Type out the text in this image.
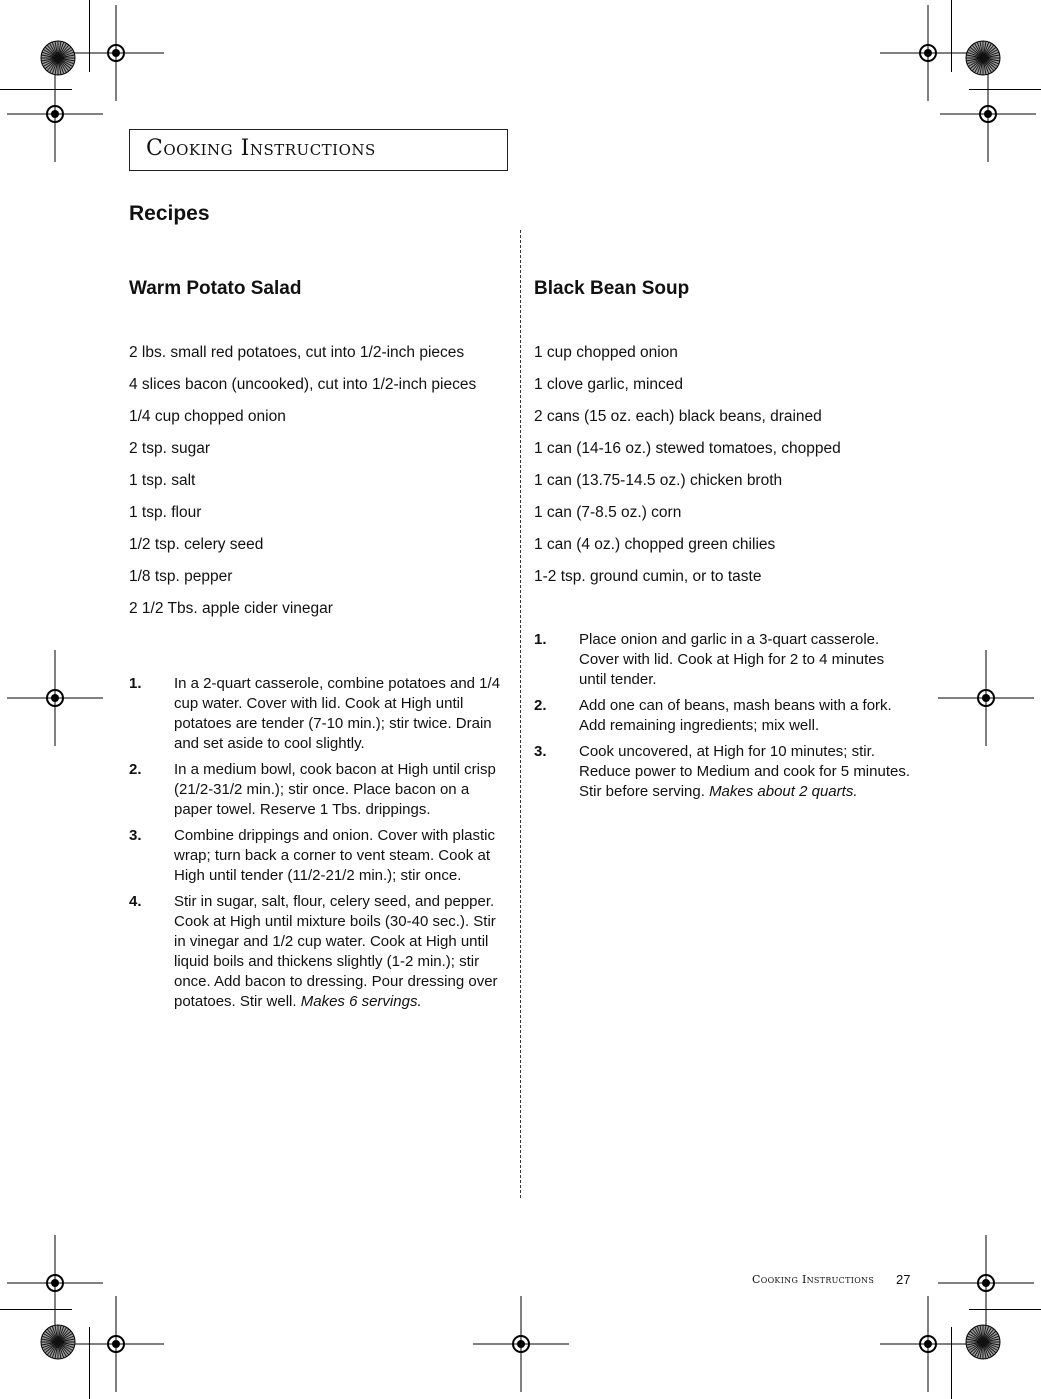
Cooking Instructions
Recipes
Warm Potato Salad
2 lbs. small red potatoes, cut into 1/2-inch pieces
4 slices bacon (uncooked), cut into 1/2-inch pieces
1/4 cup chopped onion
2 tsp. sugar
1 tsp. salt
1 tsp. flour
1/2 tsp. celery seed
1/8 tsp. pepper
2 1/2 Tbs. apple cider vinegar
1. In a 2-quart casserole, combine potatoes and 1/4 cup water. Cover with lid. Cook at High until potatoes are tender (7-10 min.); stir twice. Drain and set aside to cool slightly.
2. In a medium bowl, cook bacon at High until crisp (21/2-31/2 min.); stir once. Place bacon on a paper towel. Reserve 1 Tbs. drippings.
3. Combine drippings and onion. Cover with plastic wrap; turn back a corner to vent steam. Cook at High until tender (11/2-21/2 min.); stir once.
4. Stir in sugar, salt, flour, celery seed, and pepper. Cook at High until mixture boils (30-40 sec.). Stir in vinegar and 1/2 cup water. Cook at High until liquid boils and thickens slightly (1-2 min.); stir once. Add bacon to dressing. Pour dressing over potatoes. Stir well. Makes 6 servings.
Black Bean Soup
1 cup chopped onion
1 clove garlic, minced
2 cans (15 oz. each) black beans, drained
1 can (14-16 oz.) stewed tomatoes, chopped
1 can (13.75-14.5 oz.) chicken broth
1 can (7-8.5 oz.) corn
1 can (4 oz.) chopped green chilies
1-2 tsp. ground cumin, or to taste
1. Place onion and garlic in a 3-quart casserole. Cover with lid. Cook at High for 2 to 4 minutes until tender.
2. Add one can of beans, mash beans with a fork. Add remaining ingredients; mix well.
3. Cook uncovered, at High for 10 minutes; stir. Reduce power to Medium and cook for 5 minutes. Stir before serving. Makes about 2 quarts.
Cooking Instructions 27
